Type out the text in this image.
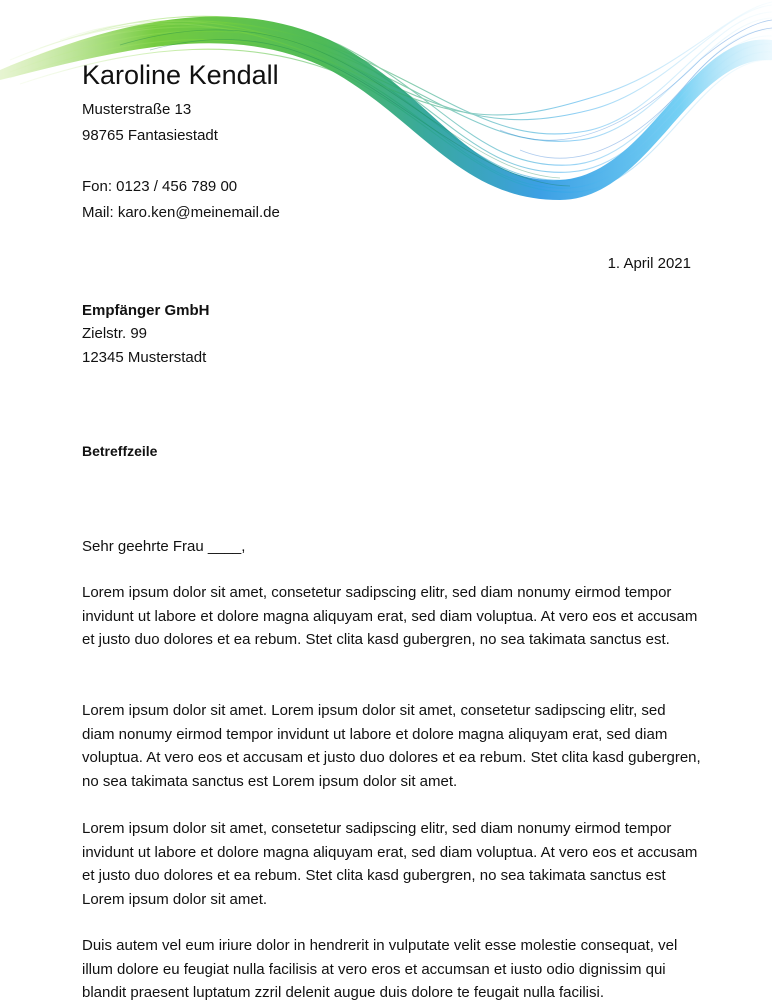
Karoline Kendall
Musterstraße 13
98765 Fantasiestadt
Fon: 0123 / 456 789 00
Mail: karo.ken@meinemail.de
1. April 2021
Empfänger GmbH
Zielstr. 99
12345 Musterstadt
Betreffzeile
Sehr geehrte Frau ____,
Lorem ipsum dolor sit amet, consetetur sadipscing elitr, sed diam nonumy eirmod tempor invidunt ut labore et dolore magna aliquyam erat, sed diam voluptua. At vero eos et accusam et justo duo dolores et ea rebum. Stet clita kasd gubergren, no sea takimata sanctus est.
Lorem ipsum dolor sit amet. Lorem ipsum dolor sit amet, consetetur sadipscing elitr, sed diam nonumy eirmod tempor invidunt ut labore et dolore magna aliquyam erat, sed diam voluptua. At vero eos et accusam et justo duo dolores et ea rebum. Stet clita kasd gubergren, no sea takimata sanctus est Lorem ipsum dolor sit amet.
Lorem ipsum dolor sit amet, consetetur sadipscing elitr, sed diam nonumy eirmod tempor invidunt ut labore et dolore magna aliquyam erat, sed diam voluptua. At vero eos et accusam et justo duo dolores et ea rebum. Stet clita kasd gubergren, no sea takimata sanctus est Lorem ipsum dolor sit amet.
Duis autem vel eum iriure dolor in hendrerit in vulputate velit esse molestie consequat, vel illum dolore eu feugiat nulla facilisis at vero eros et accumsan et iusto odio dignissim qui blandit praesent luptatum zzril delenit augue duis dolore te feugait nulla facilisi.
